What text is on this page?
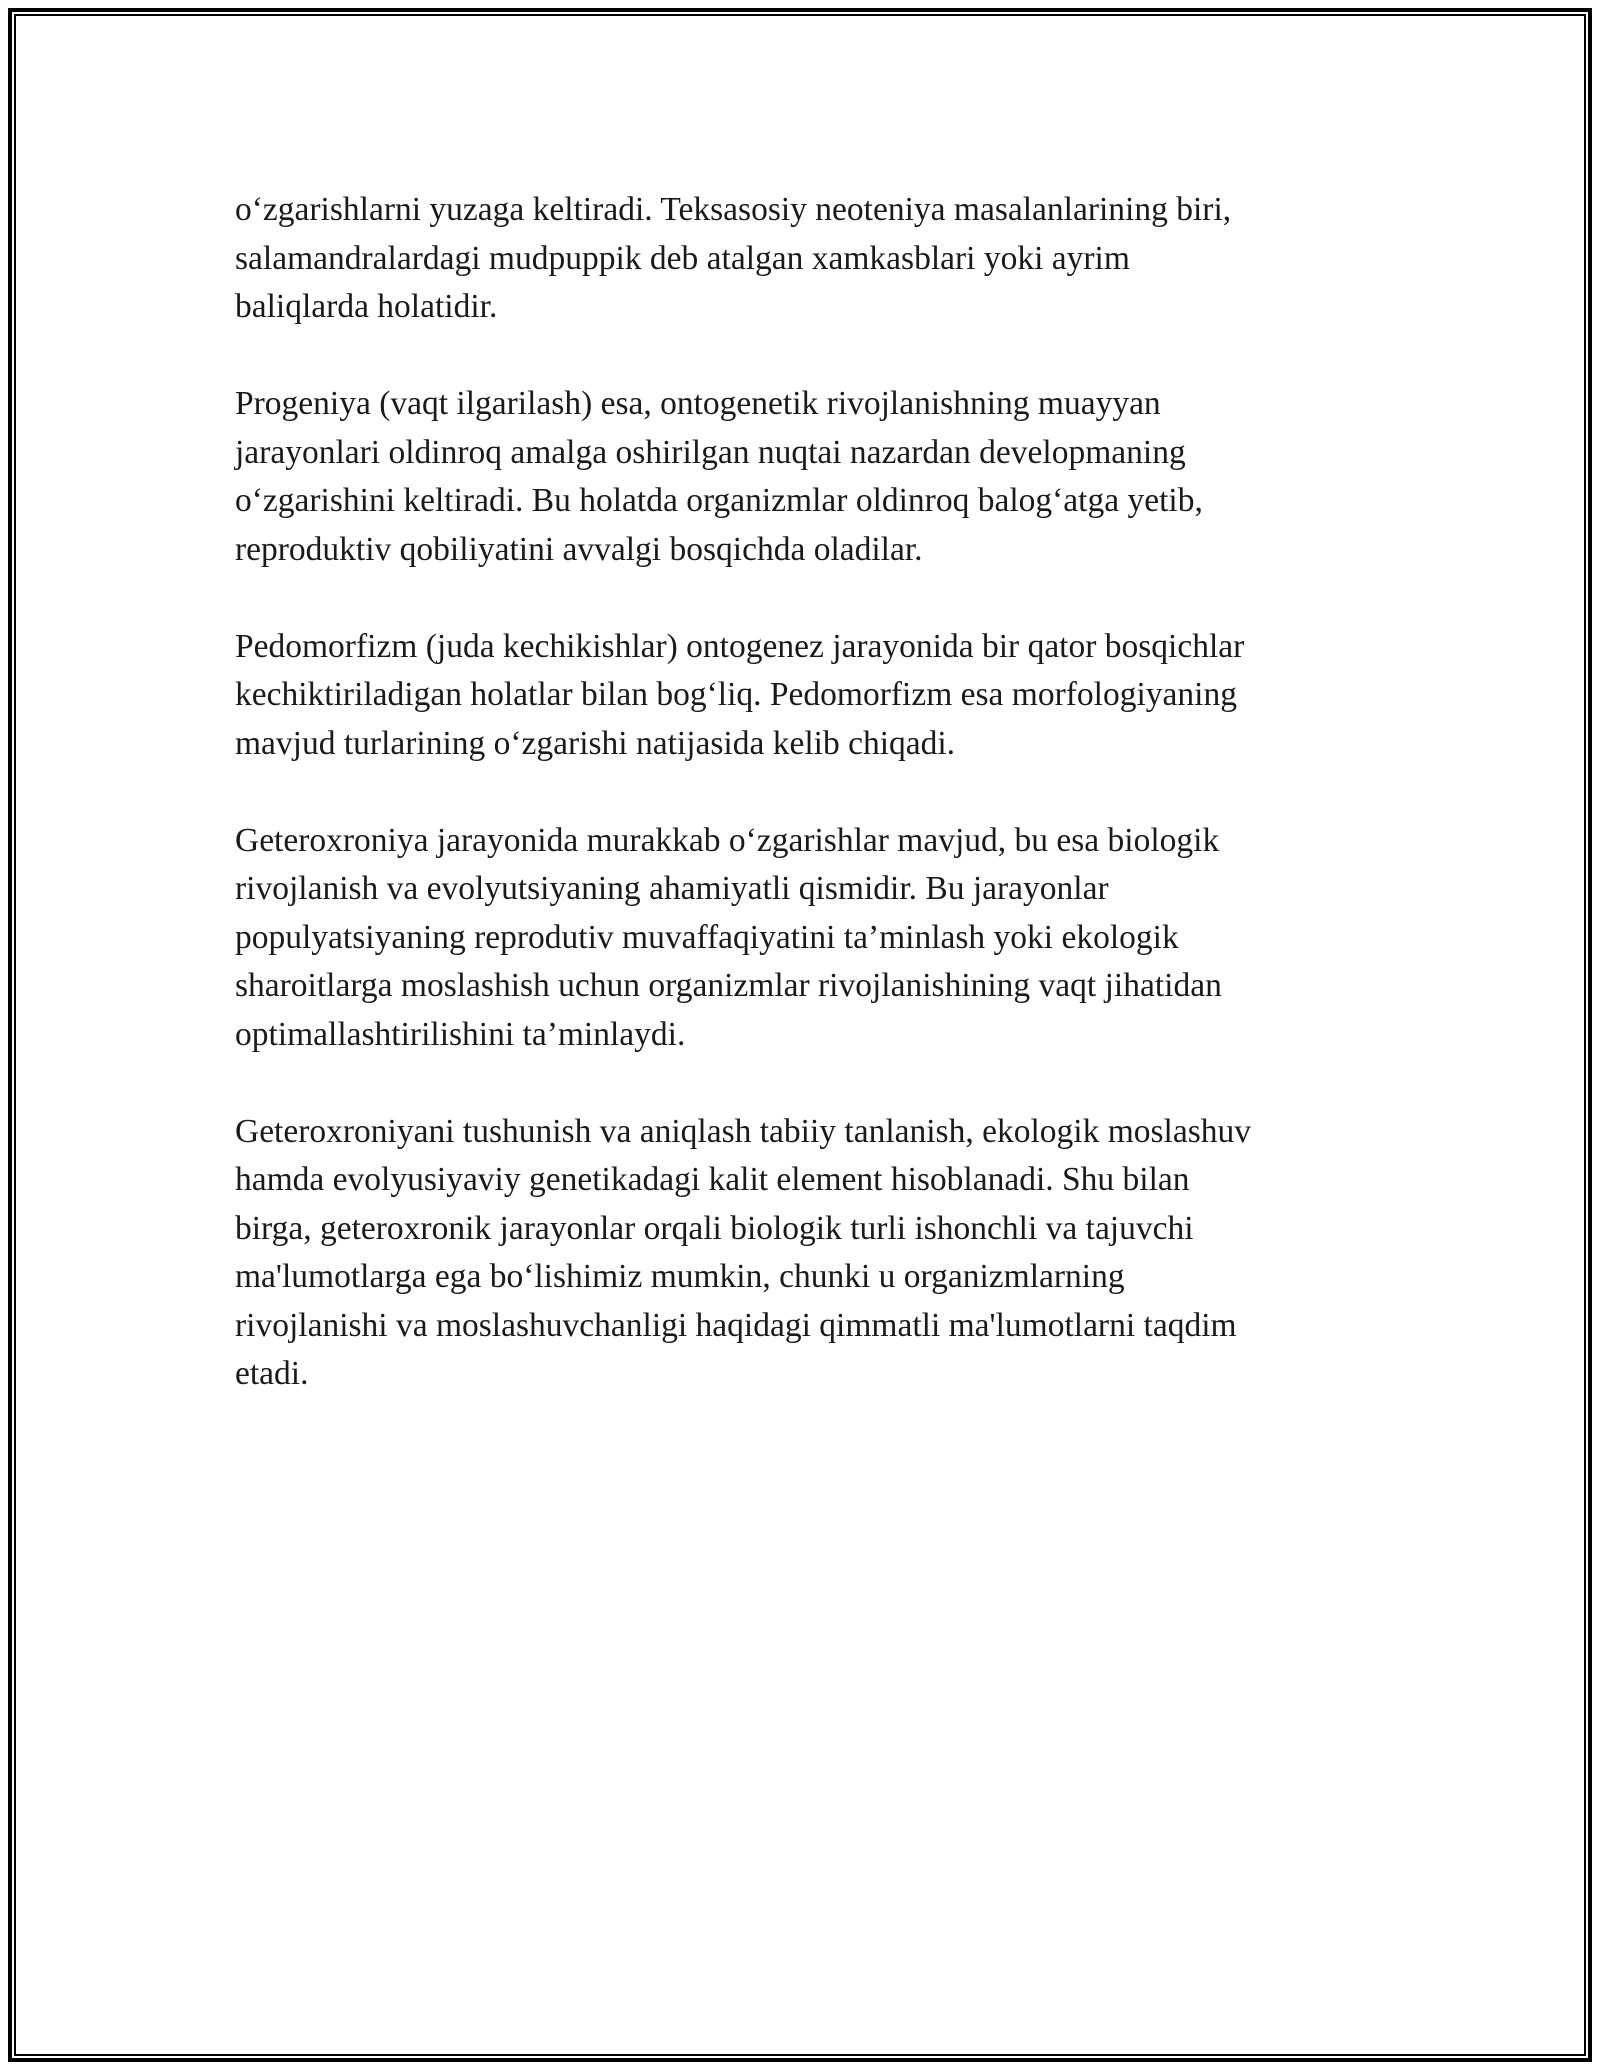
o‘zgarishlarni yuzaga keltiradi. Teksasosiy neoteniya masalanlarining biri,
salamandralardagi mudpuppik deb atalgan xamkasblari yoki ayrim
baliqlarda holatidir.

Progeniya (vaqt ilgarilash) esa, ontogenetik rivojlanishning muayyan
jarayonlari oldinroq amalga oshirilgan nuqtai nazardan developmaning
o‘zgarishini keltiradi. Bu holatda organizmlar oldinroq balog‘atga yetib,
reproduktiv qobiliyatini avvalgi bosqichda oladilar.

Pedomorfizm (juda kechikishlar) ontogenez jarayonida bir qator bosqichlar
kechiktiriladigan holatlar bilan bog‘liq. Pedomorfizm esa morfologiyaning
mavjud turlarining o‘zgarishi natijasida kelib chiqadi.

Geteroxroniya jarayonida murakkab o‘zgarishlar mavjud, bu esa biologik
rivojlanish va evolyutsiyaning ahamiyatli qismidir. Bu jarayonlar
populyatsiyaning reprodutiv muvaffaqiyatini ta’minlash yoki ekologik
sharoitlarga moslashish uchun organizmlar rivojlanishining vaqt jihatidan
optimallashtirilishini ta’minlaydi.

Geteroxroniyani tushunish va aniqlash tabiiy tanlanish, ekologik moslashuv
hamda evolyusiyaviy genetikadagi kalit element hisoblanadi. Shu bilan
birga, geteroxronik jarayonlar orqali biologik turli ishonchli va tajuvchi
ma'lumotlarga ega bo‘lishimiz mumkin, chunki u organizmlarning
rivojlanishi va moslashuvchanligi haqidagi qimmatli ma'lumotlarni taqdim
etadi.
